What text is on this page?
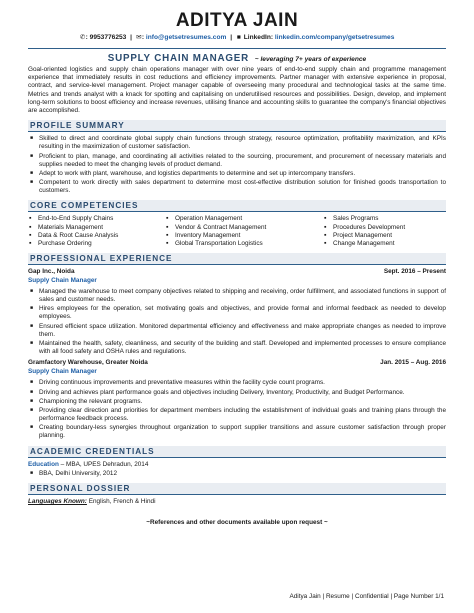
ADITYA JAIN
✆: 9953776253 | ✉: info@getsetresumes.com | ■ LinkedIn: linkedin.com/company/getsetresumes
SUPPLY CHAIN MANAGER ~ leveraging 7+ years of experience

Goal-oriented logistics and supply chain operations manager with over nine years of end-to-end supply chain and programme management experience that immediately results in cost reductions and efficiency improvements. Partner manager with extensive experience in proposal, contract, and service-level management. Project manager capable of overseeing many procedural and technological tasks at the same time. Metrics and trends analyst with a knack for spotting and capitalising on underutilised resources and possibilities. Design, develop, and implement long-term solutions to boost efficiency and increase revenues, utilising finance and accounting skills to guarantee the company's financial objectives are accomplished.

PROFILE SUMMARY
■ Skilled to direct and coordinate global supply chain functions through strategy, resource optimization, profitability maximization, and KPIs resulting in the maximization of customer satisfaction.
■ Proficient to plan, manage, and coordinating all activities related to the sourcing, procurement, and procurement of necessary materials and supplies needed to meet the changing levels of product demand.
■ Adept to work with plant, warehouse, and logistics departments to determine and set up intercompany transfers.
■ Competent to work directly with sales department to determine most cost-effective distribution solution for finished goods transportation to customers.
CORE COMPETENCIES
▪ End-to-End Supply Chains
▪ Materials Management
▪ Data & Root Cause Analysis
▪ Purchase Ordering
▪ Operation Management
▪ Vendor & Contract Management
▪ Inventory Management
▪ Global Transportation Logistics
▪ Sales Programs
▪ Procedures Development
▪ Project Management
▪ Change Management
PROFESSIONAL EXPERIENCE
Gap Inc., Noida	Sept. 2016 – Present
Supply Chain Manager
■ Managed the warehouse to meet company objectives related to shipping and receiving, order fulfillment, and associated functions in support of sales and customer needs.
■ Hires employees for the operation, set motivating goals and objectives, and provide formal and informal feedback as needed to develop employees.
■ Ensured efficient space utilization. Monitored departmental efficiency and effectiveness and make appropriate changes as needed to improve them.
■ Maintained the health, safety, cleanliness, and security of the building and staff. Developed and implemented processes to ensure compliance with all food safety and OSHA rules and regulations.
Gramfactory Warehouse, Greater Noida	Jan. 2015 – Aug. 2016
Supply Chain Manager
■ Driving continuous improvements and preventative measures within the facility cycle count programs.
■ Driving and achieves plant performance goals and objectives including Delivery, Inventory, Productivity, and Budget Performance.
■ Championing the relevant programs.
■ Providing clear direction and priorities for department members including the establishment of individual goals and training plans through the performance feedback process.
■ Creating boundary-less synergies throughout organization to support supplier transitions and assure customer satisfaction through proper planning.
ACADEMIC CREDENTIALS
Education – MBA, UPES Dehradun, 2014
■ BBA, Delhi University, 2012
PERSONAL DOSSIER
Languages Known: English, French & Hindi
~References and other documents available upon request ~
Aditya Jain | Resume | Confidential | Page Number 1/1
